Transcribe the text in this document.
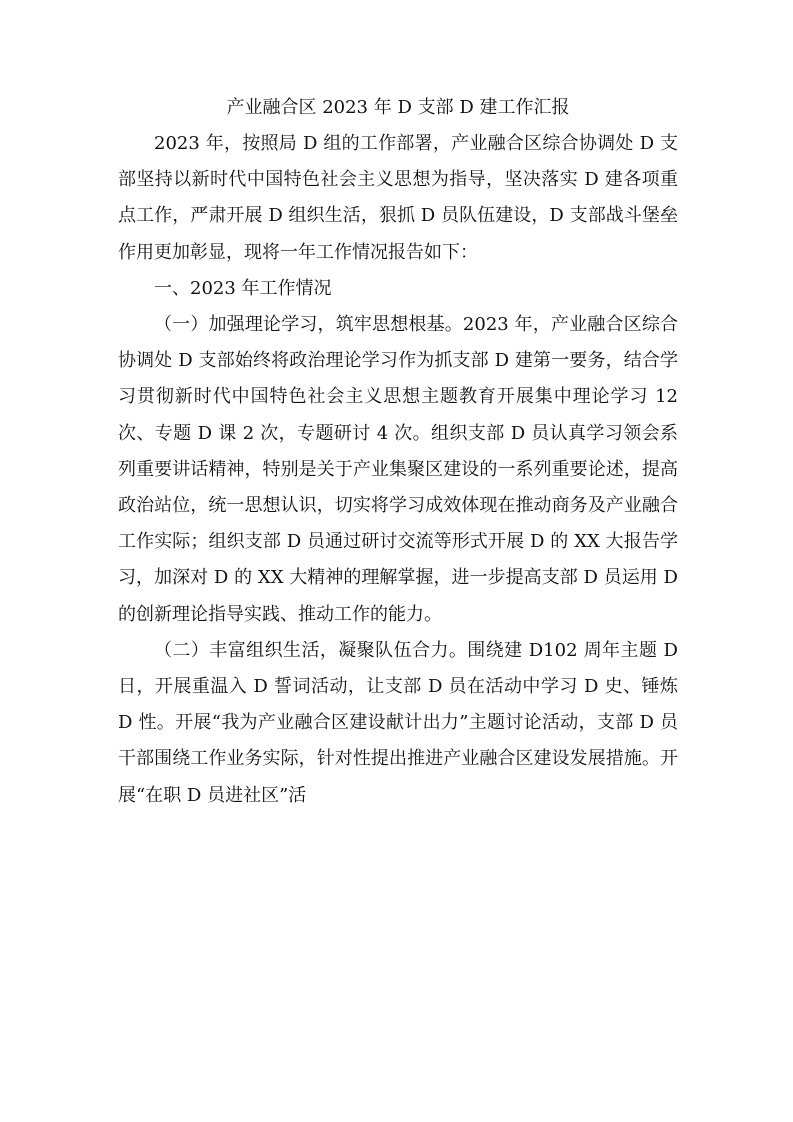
产业融合区 2023 年 D 支部 D 建工作汇报

2023 年，按照局 D 组的工作部署，产业融合区综合协调处 D 支部坚持以新时代中国特色社会主义思想为指导，坚决落实 D 建各项重点工作，严肃开展 D 组织生活，狠抓 D 员队伍建设，D 支部战斗堡垒作用更加彰显，现将一年工作情况报告如下：

一、2023 年工作情况

（一）加强理论学习，筑牢思想根基。2023 年，产业融合区综合协调处 D 支部始终将政治理论学习作为抓支部 D 建第一要务，结合学习贯彻新时代中国特色社会主义思想主题教育开展集中理论学习 12 次、专题 D 课 2 次，专题研讨 4 次。组织支部 D 员认真学习领会系列重要讲话精神，特别是关于产业集聚区建设的一系列重要论述，提高政治站位，统一思想认识，切实将学习成效体现在推动商务及产业融合工作实际；组织支部 D 员通过研讨交流等形式开展 D 的 XX 大报告学习，加深对 D 的 XX 大精神的理解掌握，进一步提高支部 D 员运用 D 的创新理论指导实践、推动工作的能力。

（二）丰富组织生活，凝聚队伍合力。围绕建 D102 周年主题 D 日，开展重温入 D 誓词活动，让支部 D 员在活动中学习 D 史、锤炼 D 性。开展“我为产业融合区建设献计出力”主题讨论活动，支部 D 员干部围绕工作业务实际，针对性提出推进产业融合区建设发展措施。开展“在职 D 员进社区”活
